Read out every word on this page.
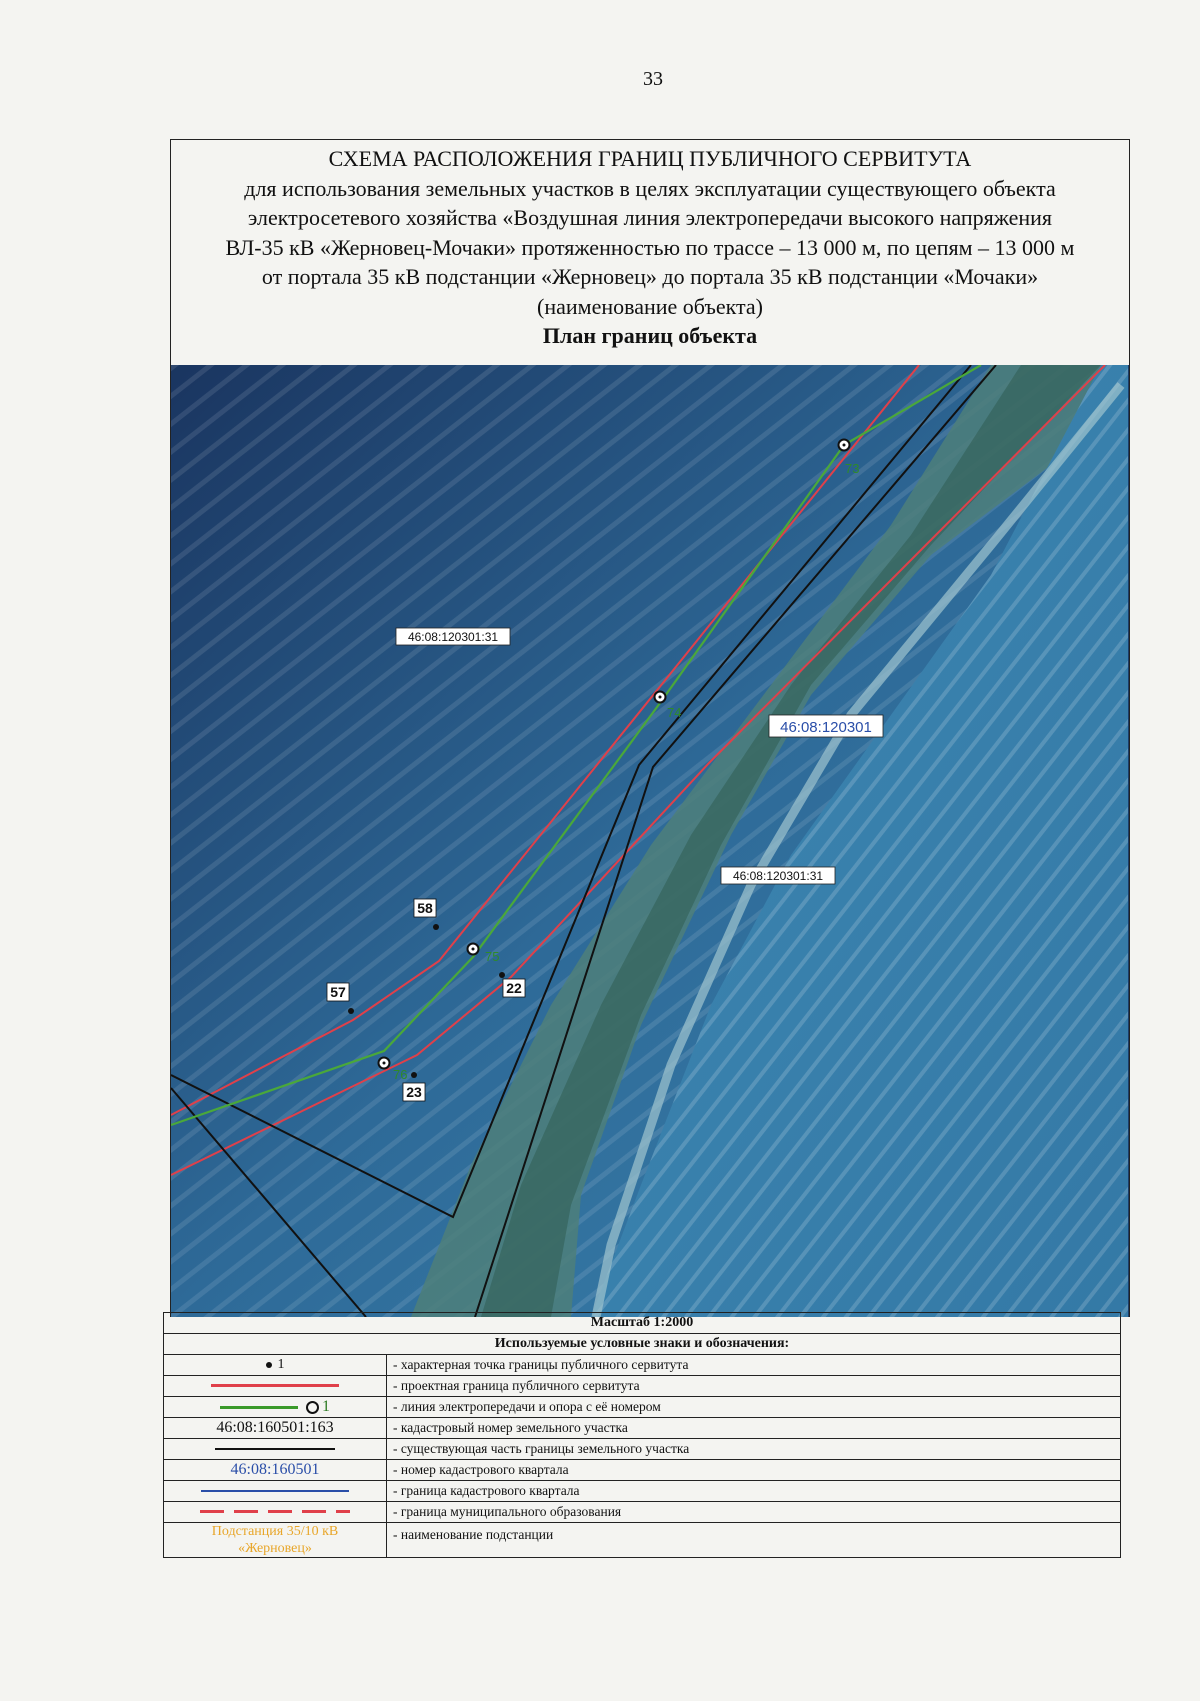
33
СХЕМА РАСПОЛОЖЕНИЯ ГРАНИЦ ПУБЛИЧНОГО СЕРВИТУТА
для использования земельных участков в целях эксплуатации существующего объекта
электросетевого хозяйства «Воздушная линия электропередачи высокого напряжения
ВЛ-35 кВ «Жерновец-Мочаки» протяженностью по трассе – 13 000 м, по цепям – 13 000 м
от портала 35 кВ подстанции «Жерновец» до портала 35 кВ подстанции «Мочаки»
(наименование объекта)
План границ объекта
73
74
75
76
58
57	22
23
46:08:120301:31
46:08:120301:31
46:08:120301
Масштаб 1:2000	
Используемые условные знаки и обозначения:	
1	- характерная точка границы публичного сервитута
	- проектная граница публичного сервитута
1	- линия электропередачи и опора с её номером
46:08:160501:163	- кадастровый номер земельного участка
	- существующая часть границы земельного участка
46:08:160501	- номер кадастрового квартала
	- граница кадастрового квартала
	- граница муниципального образования

Подстанция 35/10 кВ
«Жерновец»	- наименование подстанции
